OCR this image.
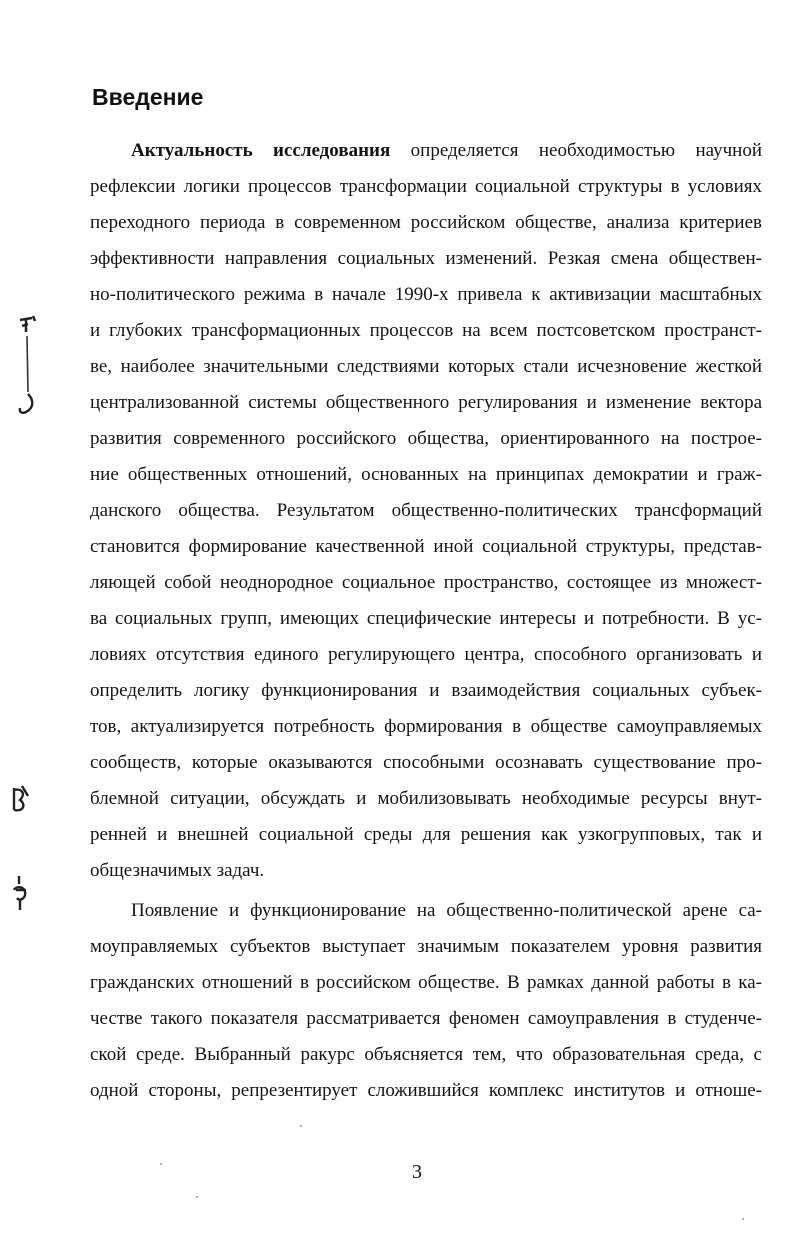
Введение
Актуальность исследования определяется необходимостью научной
рефлексии логики процессов трансформации социальной структуры в условиях
переходного периода в современном российском обществе, анализа критериев
эффективности направления социальных изменений. Резкая смена обществен-
но-политического режима в начале 1990-х привела к активизации масштабных
и глубоких трансформационных процессов на всем постсоветском пространст-
ве, наиболее значительными следствиями которых стали исчезновение жесткой
централизованной системы общественного регулирования и изменение вектора
развития современного российского общества, ориентированного на построе-
ние общественных отношений, основанных на принципах демократии и граж-
данского общества. Результатом общественно-политических трансформаций
становится формирование качественной иной социальной структуры, представ-
ляющей собой неоднородное социальное пространство, состоящее из множест-
ва социальных групп, имеющих специфические интересы и потребности. В ус-
ловиях отсутствия единого регулирующего центра, способного организовать и
определить логику функционирования и взаимодействия социальных субъек-
тов, актуализируется потребность формирования в обществе самоуправляемых
сообществ, которые оказываются способными осознавать существование про-
блемной ситуации, обсуждать и мобилизовывать необходимые ресурсы внут-
ренней и внешней социальной среды для решения как узкогрупповых, так и
общезначимых задач.
Появление и функционирование на общественно-политической арене са-
моуправляемых субъектов выступает значимым показателем уровня развития
гражданских отношений в российском обществе. В рамках данной работы в ка-
честве такого показателя рассматривается феномен самоуправления в студенче-
ской среде. Выбранный ракурс объясняется тем, что образовательная среда, с
одной стороны, репрезентирует сложившийся комплекс институтов и отноше-
3
